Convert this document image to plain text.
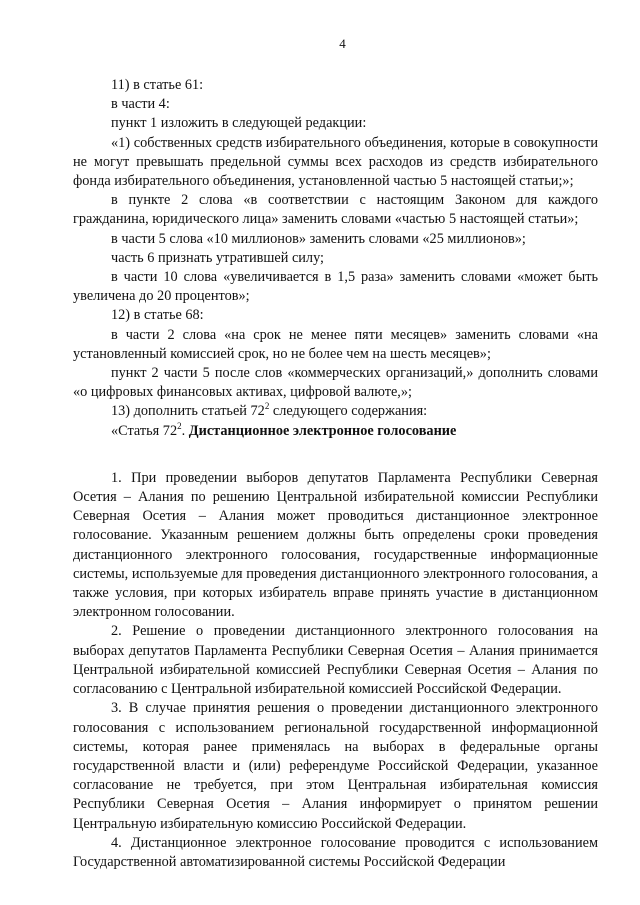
4

11) в статье 61:

в части 4:

пункт 1 изложить в следующей редакции:

«1) собственных средств избирательного объединения, которые в совокупности не могут превышать предельной суммы всех расходов из средств избирательного фонда избирательного объединения, установленной частью 5 настоящей статьи;»;

в пункте 2 слова «в соответствии с настоящим Законом для каждого гражданина, юридического лица» заменить словами «частью 5 настоящей статьи»;

в части 5 слова «10 миллионов» заменить словами «25 миллионов»;

часть 6 признать утратившей силу;

в части 10 слова «увеличивается в 1,5 раза» заменить словами «может быть увеличена до 20 процентов»;

12) в статье 68:

в части 2 слова «на срок не менее пяти месяцев» заменить словами «на установленный комиссией срок, но не более чем на шесть месяцев»;

пункт 2 части 5 после слов «коммерческих организаций,» дополнить словами «о цифровых финансовых активах, цифровой валюте,»;

13) дополнить статьей $72^2$ следующего содержания:

«Статья $72^2$. Дистанционное электронное голосование

1. При проведении выборов депутатов Парламента Республики Северная Осетия – Алания по решению Центральной избирательной комиссии Республики Северная Осетия – Алания может проводиться дистанционное электронное голосование. Указанным решением должны быть определены сроки проведения дистанционного электронного голосования, государственные информационные системы, используемые для проведения дистанционного электронного голосования, а также условия, при которых избиратель вправе принять участие в дистанционном электронном голосовании.

2. Решение о проведении дистанционного электронного голосования на выборах депутатов Парламента Республики Северная Осетия – Алания принимается Центральной избирательной комиссией Республики Северная Осетия – Алания по согласованию с Центральной избирательной комиссией Российской Федерации.

3. В случае принятия решения о проведении дистанционного электронного голосования с использованием региональной государственной информационной системы, которая ранее применялась на выборах в федеральные органы государственной власти и (или) референдуме Российской Федерации, указанное согласование не требуется, при этом Центральная избирательная комиссия Республики Северная Осетия – Алания информирует о принятом решении Центральную избирательную комиссию Российской Федерации.

4. Дистанционное электронное голосование проводится с использованием Государственной автоматизированной системы Российской Федерации
